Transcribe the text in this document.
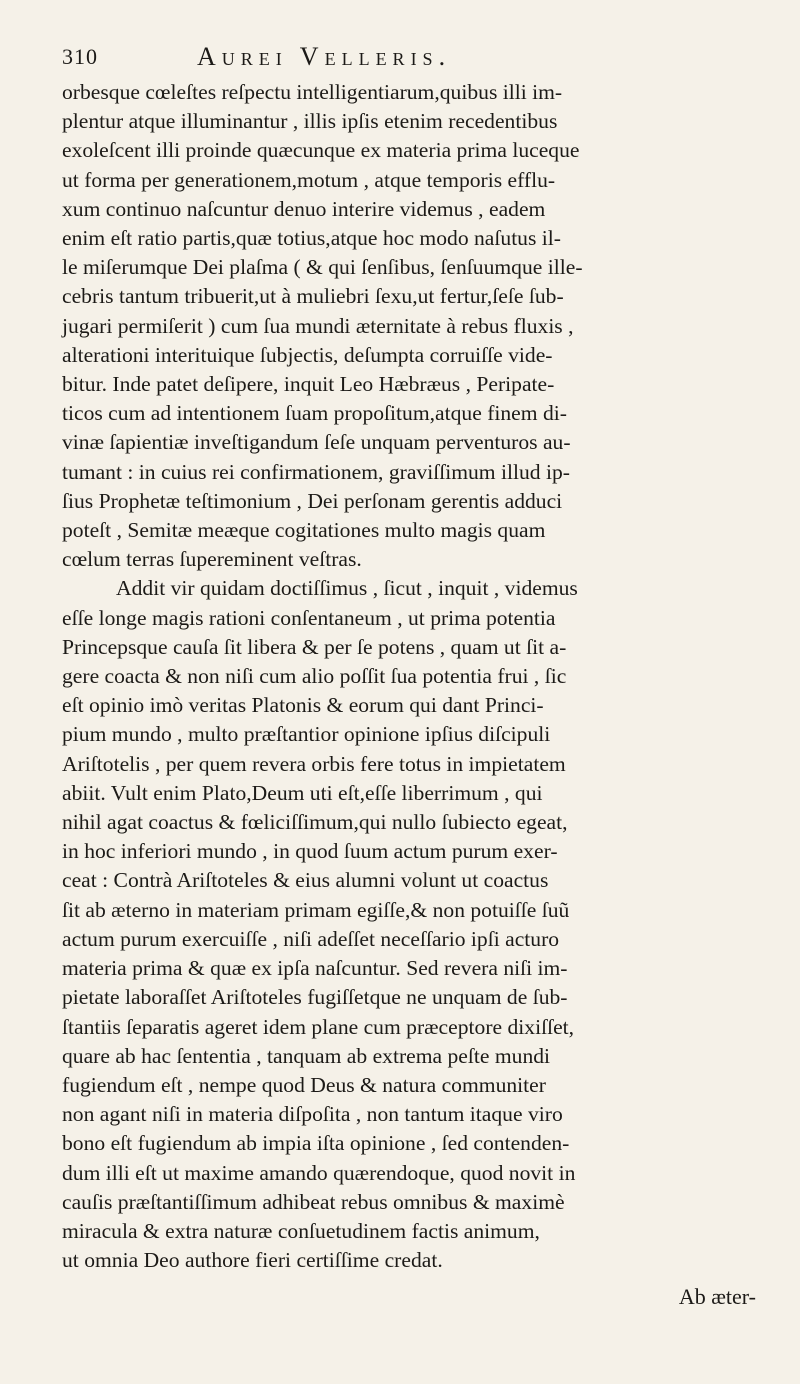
310	Aurei Velleris.

orbesque cœleſtes reſpectu intelligentiarum,quibus illi im-
plentur atque illuminantur , illis ipſis etenim recedentibus
exoleſcent illi proinde quæcunque ex materia prima luceque
ut forma per generationem,motum , atque temporis efflu-
xum continuo naſcuntur denuo interire videmus , eadem
enim eſt ratio partis,quæ totius,atque hoc modo naſutus il-
le miſerumque Dei plaſma ( & qui ſenſibus, ſenſuumque ille-
cebris tantum tribuerit,ut à muliebri ſexu,ut fertur,ſeſe ſub-
jugari permiſerit ) cum ſua mundi æternitate à rebus fluxis ,
alterationi interituique ſubjectis, deſumpta corruiſſe vide-
bitur. Inde patet deſipere, inquit Leo Hæbræus , Peripate-
ticos cum ad intentionem ſuam propoſitum,atque finem di-
vinæ ſapientiæ inveſtigandum ſeſe unquam perventuros au-
tumant : in cuius rei confirmationem, graviſſimum illud ip-
ſius Prophetæ teſtimonium , Dei perſonam gerentis adduci
poteſt , Semitæ meæque cogitationes multo magis quam
cœlum terras ſupereminent veſtras.

Addit vir quidam doctiſſimus , ſicut , inquit , videmus
eſſe longe magis rationi conſentaneum , ut prima potentia
Princepsque cauſa ſit libera & per ſe potens , quam ut ſit a-
gere coacta & non niſi cum alio poſſit ſua potentia frui , ſic
eſt opinio imò veritas Platonis & eorum qui dant Princi-
pium mundo , multo præſtantior opinione ipſius diſcipuli
Ariſtotelis , per quem revera orbis fere totus in impietatem
abiit. Vult enim Plato,Deum uti eſt,eſſe liberrimum , qui
nihil agat coactus & fœliciſſimum,qui nullo ſubiecto egeat,
in hoc inferiori mundo , in quod ſuum actum purum exer-
ceat : Contrà Ariſtoteles & eius alumni volunt ut coactus
ſit ab æterno in materiam primam egiſſe,& non potuiſſe ſuũ
actum purum exercuiſſe , niſi adeſſet neceſſario ipſi acturo
materia prima & quæ ex ipſa naſcuntur. Sed revera niſi im-
pietate laboraſſet Ariſtoteles fugiſſetque ne unquam de ſub-
ſtantiis ſeparatis ageret idem plane cum præceptore dixiſſet,
quare ab hac ſententia , tanquam ab extrema peſte mundi
fugiendum eſt , nempe quod Deus & natura communiter
non agant niſi in materia diſpoſita , non tantum itaque viro
bono eſt fugiendum ab impia iſta opinione , ſed contenden-
dum illi eſt ut maxime amando quærendoque, quod novit in
cauſis præſtantiſſimum adhibeat rebus omnibus & maximè
miracula & extra naturæ conſuetudinem factis animum,
ut omnia Deo authore fieri certiſſime credat.

Ab æter-
